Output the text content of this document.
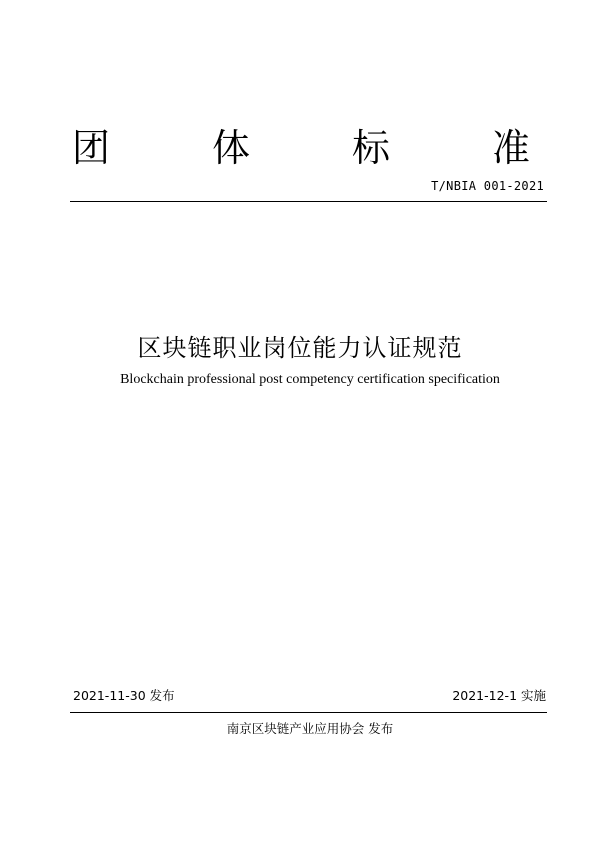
团	体	标	准
T/NBIA 001-2021
区块链职业岗位能力认证规范
Blockchain professional post competency certification specification
2021-11-30 发布	2021-12-1 实施
南京区块链产业应用协会 发布
